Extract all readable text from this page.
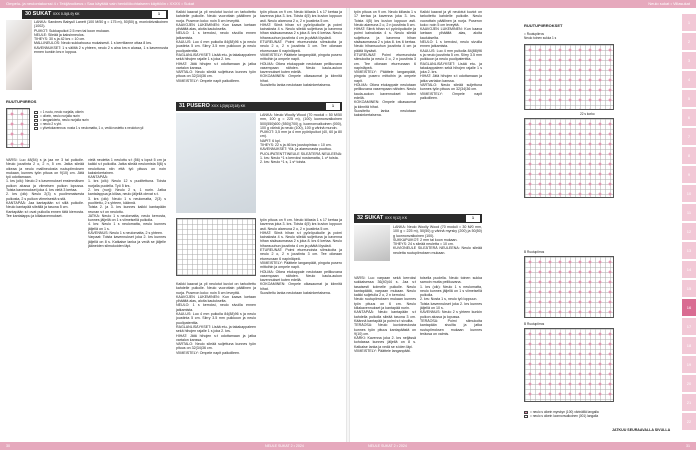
Ompelu- ja neulontakurssi 4 • Tekijänoikeus • Saa käyttää vain henkilökohtaiseen käyttöön • XXXX • Sukat	Neulo sukat • Villasukat
30 SUKAT XXX 0-5(8-9) KK	1
LANKA: Sandnes Babyull Lanett (100 M/50 g = 175 m), 50(50) g, monivärivalkoinen (1002).
PUIKOT: Sukkapuikot 2.5 mm tai koon mukaan.
NEULE: Sileää ja kaksinneulos.
TIHEYS: 30 s ja 42 krs = 10 cm.
MALLINEULOS: Neulo sukkahousu mukaisesti. 1 s kerrtilanne ottaa 8 krs.
KAVENNUKSET: 1 s väliltä 2 s yhteen, neulo 2 s aina krs:n alussa, 1 s kavennusta ennen kunkin krs:n loppua.
RUUTUPIIRROS
= 1 ruutu, neulo nurjalla, oikein
= oikein, neulo nurjalla nurin
= langankierto, neulo nurjalla nurin
= neulo 2 s yht.
= ylivetokavennus: nosta 1 s neulomatta, 1 o, vedä nostettu s neulotun yli
VARSI: Luo 48(54) s ja jaa ne 3 tai puikolle. Neulo joustinta 2 o, 2 n, 5 cm. Jatka sileää oikeaa ja neulo mallineulosta ruutupiirroksen mukaan, kunnes työn pituus on 9(10) cm. Jätä työ odottamaan.
1. krs (oik): Neulo 2 s kavennukset ensimmäisen puikon alussa ja viimeisen puikon lopussa. Toista kavennukset joka 4. krs vielä 3 kertaa.
2. krs (oik): Neulo 2(3) s puolimmaisesta puikosta, 2 s puikon viimeisestä s:stä.
KANTAPÄÄ: Jaa kantapään s:t sillä puikolle. Neulo kantapää sileällä ja tasona 5 cm.
Kantapään s:t ovat puikolla ennen tätä kierrosta. Tee kantalappu ja kiilakavennukset.
vielä neuletta 1 neulottu s:t (56) s loput 5 cm ja kaikki s:t puikoilla. Jatka sileää neulomista 5(6) s neulottuna niin että työ pituus on noin kaksinkertainen.
KANTAPÄÄ:
1. krs (oik): Neulo 12 s puolitettuna. Toista nurjalla puolella. Työ 5 krs.
2. krs (nurj): Neulo 2 s, 1 nurin. Jatka kantalappua ja kiilaa, neulo jäljellä olevat s:t.
3. krs (oik): Neulo 1 s neulomatta, 2(3) s puolitettu, 2 s yhteen, käännä.
Toista 2. ja 3. krs kunnes kaikki kantapään reunan s:t on neulottu.
JATKA: Neulo 1 s neulomatta, neulo kerrosta, kunnes jäljellä on 1 s viimeisellä puikolla.
4. krs: Neulo 1 s neulomatta, neulo kunnes jäljellä on 1 s.
KAVENNUS: Neulo 1 s neulomatta, 2 s yhteen.
Varpaat: Toista kavennukset joka 2. krs kunnes jäljellä on 8 s. Katkaise lanka ja vedä se jäljelle jääneiden silmukoiden läpi.
Kaikki kaavat ja yli neulotut kuviot on tarkoitettu kahdelle puikolle. Neulo vuorottain päällinen ja nurja. Puseron koko: noin 5 cm leveyttä.
KAAVOJEN LUKEMINEN: Kun kaava luetaan ylhäältä alas, aloita kaulukselta.
NEULO: 1 s kerroksi, neulo sivuilla ennen jatkamista.
KAULUS: Luo 4 mm puikolla 84(88)96 s ja neulo joustinta 5 cm. Siirry 3.5 mm puikkoon ja neulo puolipatenttia.
RAGLANLISÄYKSET: Lisää etu- ja takakappaleen sekä hihojen rajalle 1 s joka 2. krs.
HIHAT: Jätä hihojen s:t odottamaan ja jatka vartalon kanssa.
VARTALO: Neulo sileää suljettuna kunnes työn pituus on 32(34)36 cm.
VIIMEISTELY: Ompele napit paikoilleen.
työn pituus on 9 cm. Neulo kiilasta 1 s 17 kertaa ja kavenna joka 3. krs. Toista 4(5) krs kuvion loppuun asti. Neulo alareuna 2 o, 2 n joustinta 5 cm.
HIHAT: Siirrä hihan s:t pyöröpuikolle ja poimi kainalosta 4 s. Neulo sileää suljettuna ja kavenna hihan sisäsaumassa 2 s joka 8. krs 6 kertaa. Neulo hihansuuhun joustinta 4 cm ja päätä löysästi.
ETUREUNAT: Poimi etureunoista silmukoita ja neulo 2 o, 2 n joustinta 3 cm. Tee oikeaan etureunaan 6 napinläpeä.
VIIMEISTELY: Päättele langanpäät, pingota pusero mittoihin ja ompele napit.
HOLMA: Oikea etukappale neulotaan peilikuvana vasempaan nähden. Neulo kaula-aukon kavennukset kuten edellä.
KOKOAMINEN: Ompele olkasaumat ja kiinnitä hihat.
Suositeltu lanka neulotaan kaksinkertaisena.
31 PUSERO XXX 1(3)6(12)18) KK	1
LANKA: Neulo Woolly Wood (70 moduli = 50 M/50 mm, 100 g = 225 m), (100) luonnonvalkoinen 500(550)600 (550)(700) g, luonnonvalkoinen (000), 100 g värinä ja neulo (100), 100 g värinä muroin.
PUIKOT: 3,5 mm ja 4 mm pyöröpuikot (40, 60 ja 80 cm).
NAPIT: 6 kpl.
TIHEYS: 22 s ja 46 krs joustopintaa = 10 cm.
KAVENNUKSET: Ylä- ja alareunasta puuttuu.
PUOLIPATENTTINEULE SILEÄTERÄ NEULEENA: 1. krs: Neulo *1 s kerroksi nostamatta, 1 o* toista.
2. krs: Neulo *1 s, 1 s* toista.
Kaikki kaavat ja yli neulotut kuviot on tarkoitettu kahdelle puikolle. Neulo vuorottain päällinen ja nurja. Puseron koko: noin 5 cm leveyttä.
KAAVOJEN LUKEMINEN: Kun kaava luetaan ylhäältä alas, aloita kaulukselta.
NEULO: 1 s kerroksi, neulo sivuilla ennen jatkamista.
KAULUS: Luo 4 mm puikolla 84(88)96 s ja neulo joustinta 5 cm. Siirry 3.5 mm puikkoon ja neulo puolipatenttia.
RAGLANLISÄYKSET: Lisää etu- ja takakappaleen sekä hihojen rajalle 1 s joka 2. krs.
HIHAT: Jätä hihojen s:t odottamaan ja jatka vartalon kanssa.
VARTALO: Neulo sileää suljettuna kunnes työn pituus on 32(34)36 cm.
VIIMEISTELY: Ompele napit paikoilleen.
työn pituus on 9 cm. Neulo kiilasta 1 s 17 kertaa ja kavenna joka 3. krs. Toista 4(5) krs kuvion loppuun asti. Neulo alareuna 2 o, 2 n joustinta 5 cm.
HIHAT: Siirrä hihan s:t pyöröpuikolle ja poimi kainalosta 4 s. Neulo sileää suljettuna ja kavenna hihan sisäsaumassa 2 s joka 8. krs 6 kertaa. Neulo hihansuuhun joustinta 4 cm ja päätä löysästi.
ETUREUNAT: Poimi etureunoista silmukoita ja neulo 2 o, 2 n joustinta 3 cm. Tee oikeaan etureunaan 6 napinläpeä.
VIIMEISTELY: Päättele langanpäät, pingota pusero mittoihin ja ompele napit.
HOLMA: Oikea etukappale neulotaan peilikuvana vasempaan nähden. Neulo kaula-aukon kavennukset kuten edellä.
KOKOAMINEN: Ompele olkasaumat ja kiinnitä hihat.
Suositeltu lanka neulotaan kaksinkertaisena.
työn pituus on 9 cm. Neulo kiilasta 1 s 17 kertaa ja kavenna joka 3. krs. Toista 4(5) krs kuvion loppuun asti. Neulo alareuna 2 o, 2 n joustinta 5 cm.
HIHAT: Siirrä hihan s:t pyöröpuikolle ja poimi kainalosta 4 s. Neulo sileää suljettuna ja kavenna hihan sisäsaumassa 2 s joka 8. krs 6 kertaa. Neulo hihansuuhun joustinta 4 cm ja päätä löysästi.
ETUREUNAT: Poimi etureunoista silmukoita ja neulo 2 o, 2 n joustinta 3 cm. Tee oikeaan etureunaan 6 napinläpeä.
VIIMEISTELY: Päättele langanpäät, pingota pusero mittoihin ja ompele napit.
HOLMA: Oikea etukappale neulotaan peilikuvana vasempaan nähden. Neulo kaula-aukon kavennukset kuten edellä.
KOKOAMINEN: Ompele olkasaumat ja kiinnitä hihat.
Suositeltu lanka neulotaan kaksinkertaisena.
Kaikki kaavat ja yli neulotut kuviot on tarkoitettu kahdelle puikolle. Neulo vuorottain päällinen ja nurja. Puseron koko: noin 5 cm leveyttä.
KAAVOJEN LUKEMINEN: Kun kaava luetaan ylhäältä alas, aloita kaulukselta.
NEULO: 1 s kerroksi, neulo sivuilla ennen jatkamista.
KAULUS: Luo 4 mm puikolla 84(88)96 s ja neulo joustinta 5 cm. Siirry 3.5 mm puikkoon ja neulo puolipatenttia.
RAGLANLISÄYKSET: Lisää etu- ja takakappaleen sekä hihojen rajalle 1 s joka 2. krs.
HIHAT: Jätä hihojen s:t odottamaan ja jatka vartalon kanssa.
VARTALO: Neulo sileää suljettuna kunnes työn pituus on 32(34)36 cm.
VIIMEISTELY: Ompele napit paikoilleen.
32 SUKAT XXX 9(12) KK	1
LANKA: Neulo Woolly Wood (70 moduli = 30 M/0 mm, 100 g = 225 m), 50(50) g värinä myrsky (200) ja 50(50) g luonnonvalkoinen (100).
SUKKAPUIKOT: 2 mm tai koon mukaan.
TIHEYS: 24 s sileää neuletta = 10 cm.
KUVIONEULE SILEÄTERÄ NEULEENA: Neulo sileää neuletta ruutupiirroksen mukaan.
VARSI: Luo varpaan sekä kerroksi sukkaisessa 36(40)44 s. Jaa s:t tasaisesti kolmelle puikolle. Neulo kantapäätä, varpaan mukaan. Neulo kaikki suljetulla 2 o, 2 n kerroksi.
Neulo ruutupiirroksen mukaan kunnes työn pituus on 6 cm. Neulo kiilakavennukset ja kantapää nurin.
KANTAPÄÄ: Neulo kantapään s:t kahdella puikolla sileää tasona 3 cm. Käännä kantapää ja poimi s:t sivuilta.
TERÄOSA: Neulo kuvioineulosta kunnes työn pituus kantapäästä on 9(10) cm.
KÄRKI: Kavenna joka 2. krs neljässä kohdassa kunnes jäljellä on 8 s. Katkaise lanka ja vedä se s:iden läpi.
VIIMEISTELY: Päättele langanpäät.
toisella puolella. Neulo toinen sukka samoin mutta peilikuvana.
1. krs (oik): Neulo 1 s neulomatta, neulo kunnes jäljellä on 1 s viimeisellä puikolla.
2. krs: Nosta 1 s, neulo työ loppuun.
Toista kavennukset joka 2. krs kunnes jäljellä on 10 s.
KAVENNUS: Neulo 2 s yhteen kunkin puikon alussa ja lopussa.
TERÄOSA: Poimi silmukoita kantapään sivuilta ja jatka ruutupiirroksen mukaan kunnes teräosa on valmis.
RUUTUPIIRROKSET
= Ruutupiirros
Neulo toinen sukka 1 s
22 s korko
B Ruutupiirros
B Ruutupiirros
= neulo s oikein myrskyn (100) värinäillä langalla
= neulo s oikein luonnonvalkoinen (001) langalla
JATKUU SEURAAVALLA SIVULLA
1
2
3
4
5
6
7
8
9
10
11
12
13
14
15
16
17
18
19
20
21
22
30	NEULE SUKAT 2 • 2024	NEULE SUKAT 2 • 2024	31
